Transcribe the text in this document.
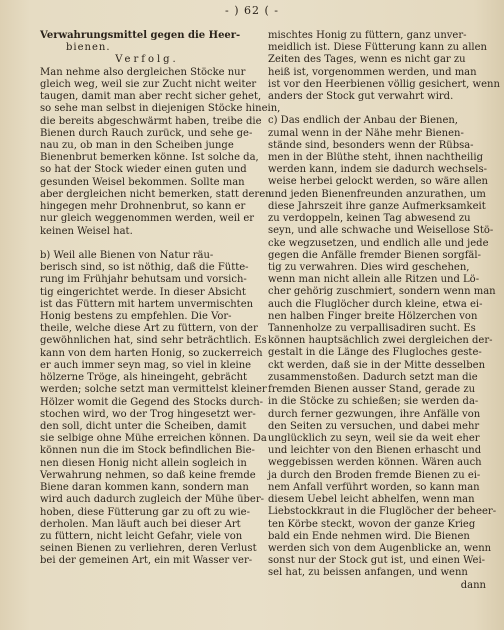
- ) 62 ( -
Verwahrungsmittel gegen die Heer-
bienen.
Verfolg.
Man nehme also dergleichen Stöcke nur
gleich weg, weil sie zur Zucht nicht weiter
taugen, damit man aber recht sicher gehet,
so sehe man selbst in diejenigen Stöcke hinein,
die bereits abgeschwärmt haben, treibe die
Bienen durch Rauch zurück, und sehe ge-
nau zu, ob man in den Scheiben junge
Bienenbrut bemerken könne. Ist solche da,
so hat der Stock wieder einen guten und
gesunden Weisel bekommen. Sollte man
aber dergleichen nicht bemerken, statt deren
hingegen mehr Drohnenbrut, so kann er
nur gleich weggenommen werden, weil er
keinen Weisel hat.
b) Weil alle Bienen von Natur räu-
berisch sind, so ist nöthig, daß die Fütte-
rung im Frühjahr behutsam und vorsich-
tig eingerichtet werde. In dieser Absicht
ist das Füttern mit hartem unvermischten
Honig bestens zu empfehlen. Die Vor-
theile, welche diese Art zu füttern, von der
gewöhnlichen hat, sind sehr beträchtlich. Es
kann von dem harten Honig, so zuckerreich
er auch immer seyn mag, so viel in kleine
hölzerne Tröge, als hineingeht, gebrächt
werden; solche setzt man vermittelst kleiner
Hölzer womit die Gegend des Stocks durch-
stochen wird, wo der Trog hingesetzt wer-
den soll, dicht unter die Scheiben, damit
sie selbige ohne Mühe erreichen können. Da
können nun die im Stock befindlichen Bie-
nen diesen Honig nicht allein sogleich in
Verwahrung nehmen, so daß keine fremde
Biene daran kommen kann, sondern man
wird auch dadurch zugleich der Mühe über-
hoben, diese Fütterung gar zu oft zu wie-
derholen. Man läuft auch bei dieser Art
zu füttern, nicht leicht Gefahr, viele von
seinen Bienen zu verliehren, deren Verlust
bei der gemeinen Art, ein mit Wasser ver-
mischtes Honig zu füttern, ganz unver-
meidlich ist. Diese Fütterung kann zu allen
Zeiten des Tages, wenn es nicht gar zu
heiß ist, vorgenommen werden, und man
ist vor den Heerbienen völlig gesichert, wenn
anders der Stock gut verwahrt wird.
c) Das endlich der Anbau der Bienen,
zumal wenn in der Nähe mehr Bienen-
stände sind, besonders wenn der Rübsa-
men in der Blüthe steht, ihnen nachtheilig
werden kann, indem sie dadurch wechsels-
weise herbei gelockt werden, so wäre allen
und jeden Bienenfreunden anzurathen, um
diese Jahrszeit ihre ganze Aufmerksamkeit
zu verdoppeln, keinen Tag abwesend zu
seyn, und alle schwache und Weisellose Stö-
cke wegzusetzen, und endlich alle und jede
gegen die Anfälle fremder Bienen sorgfäl-
tig zu verwahren. Dies wird geschehen,
wenn man nicht allein alle Ritzen und Lö-
cher gehörig zuschmiert, sondern wenn man
auch die Fluglöcher durch kleine, etwa ei-
nen halben Finger breite Hölzerchen von
Tannenholze zu verpallisadiren sucht. Es
können hauptsächlich zwei dergleichen der-
gestalt in die Länge des Flugloches geste-
ckt werden, daß sie in der Mitte desselben
zusammenstoßen. Dadurch setzt man die
fremden Bienen ausser Stand, gerade zu
in die Stöcke zu schießen; sie werden da-
durch ferner gezwungen, ihre Anfälle von
den Seiten zu versuchen, und dabei mehr
unglücklich zu seyn, weil sie da weit eher
und leichter von den Bienen erhascht und
weggebissen werden können. Wären auch
ja durch den Broden fremde Bienen zu ei-
nem Anfall verführt worden, so kann man
diesem Uebel leicht abhelfen, wenn man
Liebstockkraut in die Fluglöcher der beheer-
ten Körbe steckt, wovon der ganze Krieg
bald ein Ende nehmen wird. Die Bienen
werden sich von dem Augenblicke an, wenn
sonst nur der Stock gut ist, und einen Wei-
sel hat, zu beissen anfangen, und wenn
dann
